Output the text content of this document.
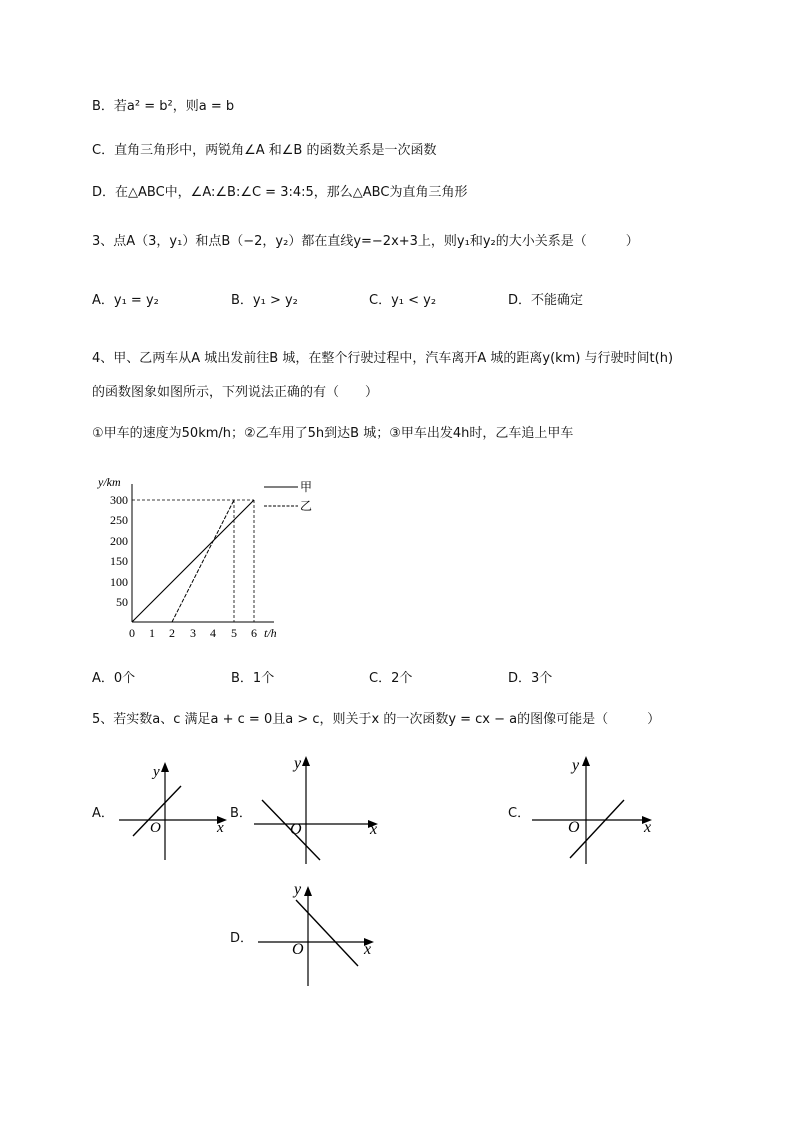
B．若a² = b²，则a = b
C．直角三角形中，两锐角∠A 和∠B 的函数关系是一次函数
D．在△ABC中，∠A:∠B:∠C = 3:4:5，那么△ABC为直角三角形
3、点A（3，y₁）和点B（−2，y₂）都在直线y=−2x+3上，则y₁和y₂的大小关系是（　　　）
A．y₁ = y₂	B．y₁ > y₂	C．y₁ < y₂	D．不能确定
4、甲、乙两车从A 城出发前往B 城，在整个行驶过程中，汽车离开A 城的距离y(km) 与行驶时间t(h)
的函数图象如图所示，下列说法正确的有（　　）
①甲车的速度为50km/h；②乙车用了5h到达B 城；③甲车出发4h时，乙车追上甲车
300
250
200
150
100
50
0 1 2 3 4 5 6
y/km
t/h
甲
乙
A．0个	B．1个	C．2个	D．3个
5、若实数a、c 满足a + c = 0且a > c，则关于x 的一次函数y = cx − a的图像可能是（　　　）
A．
y
x
O
B．
y
x
O
C．
y
x
O
D．
y
x
O
